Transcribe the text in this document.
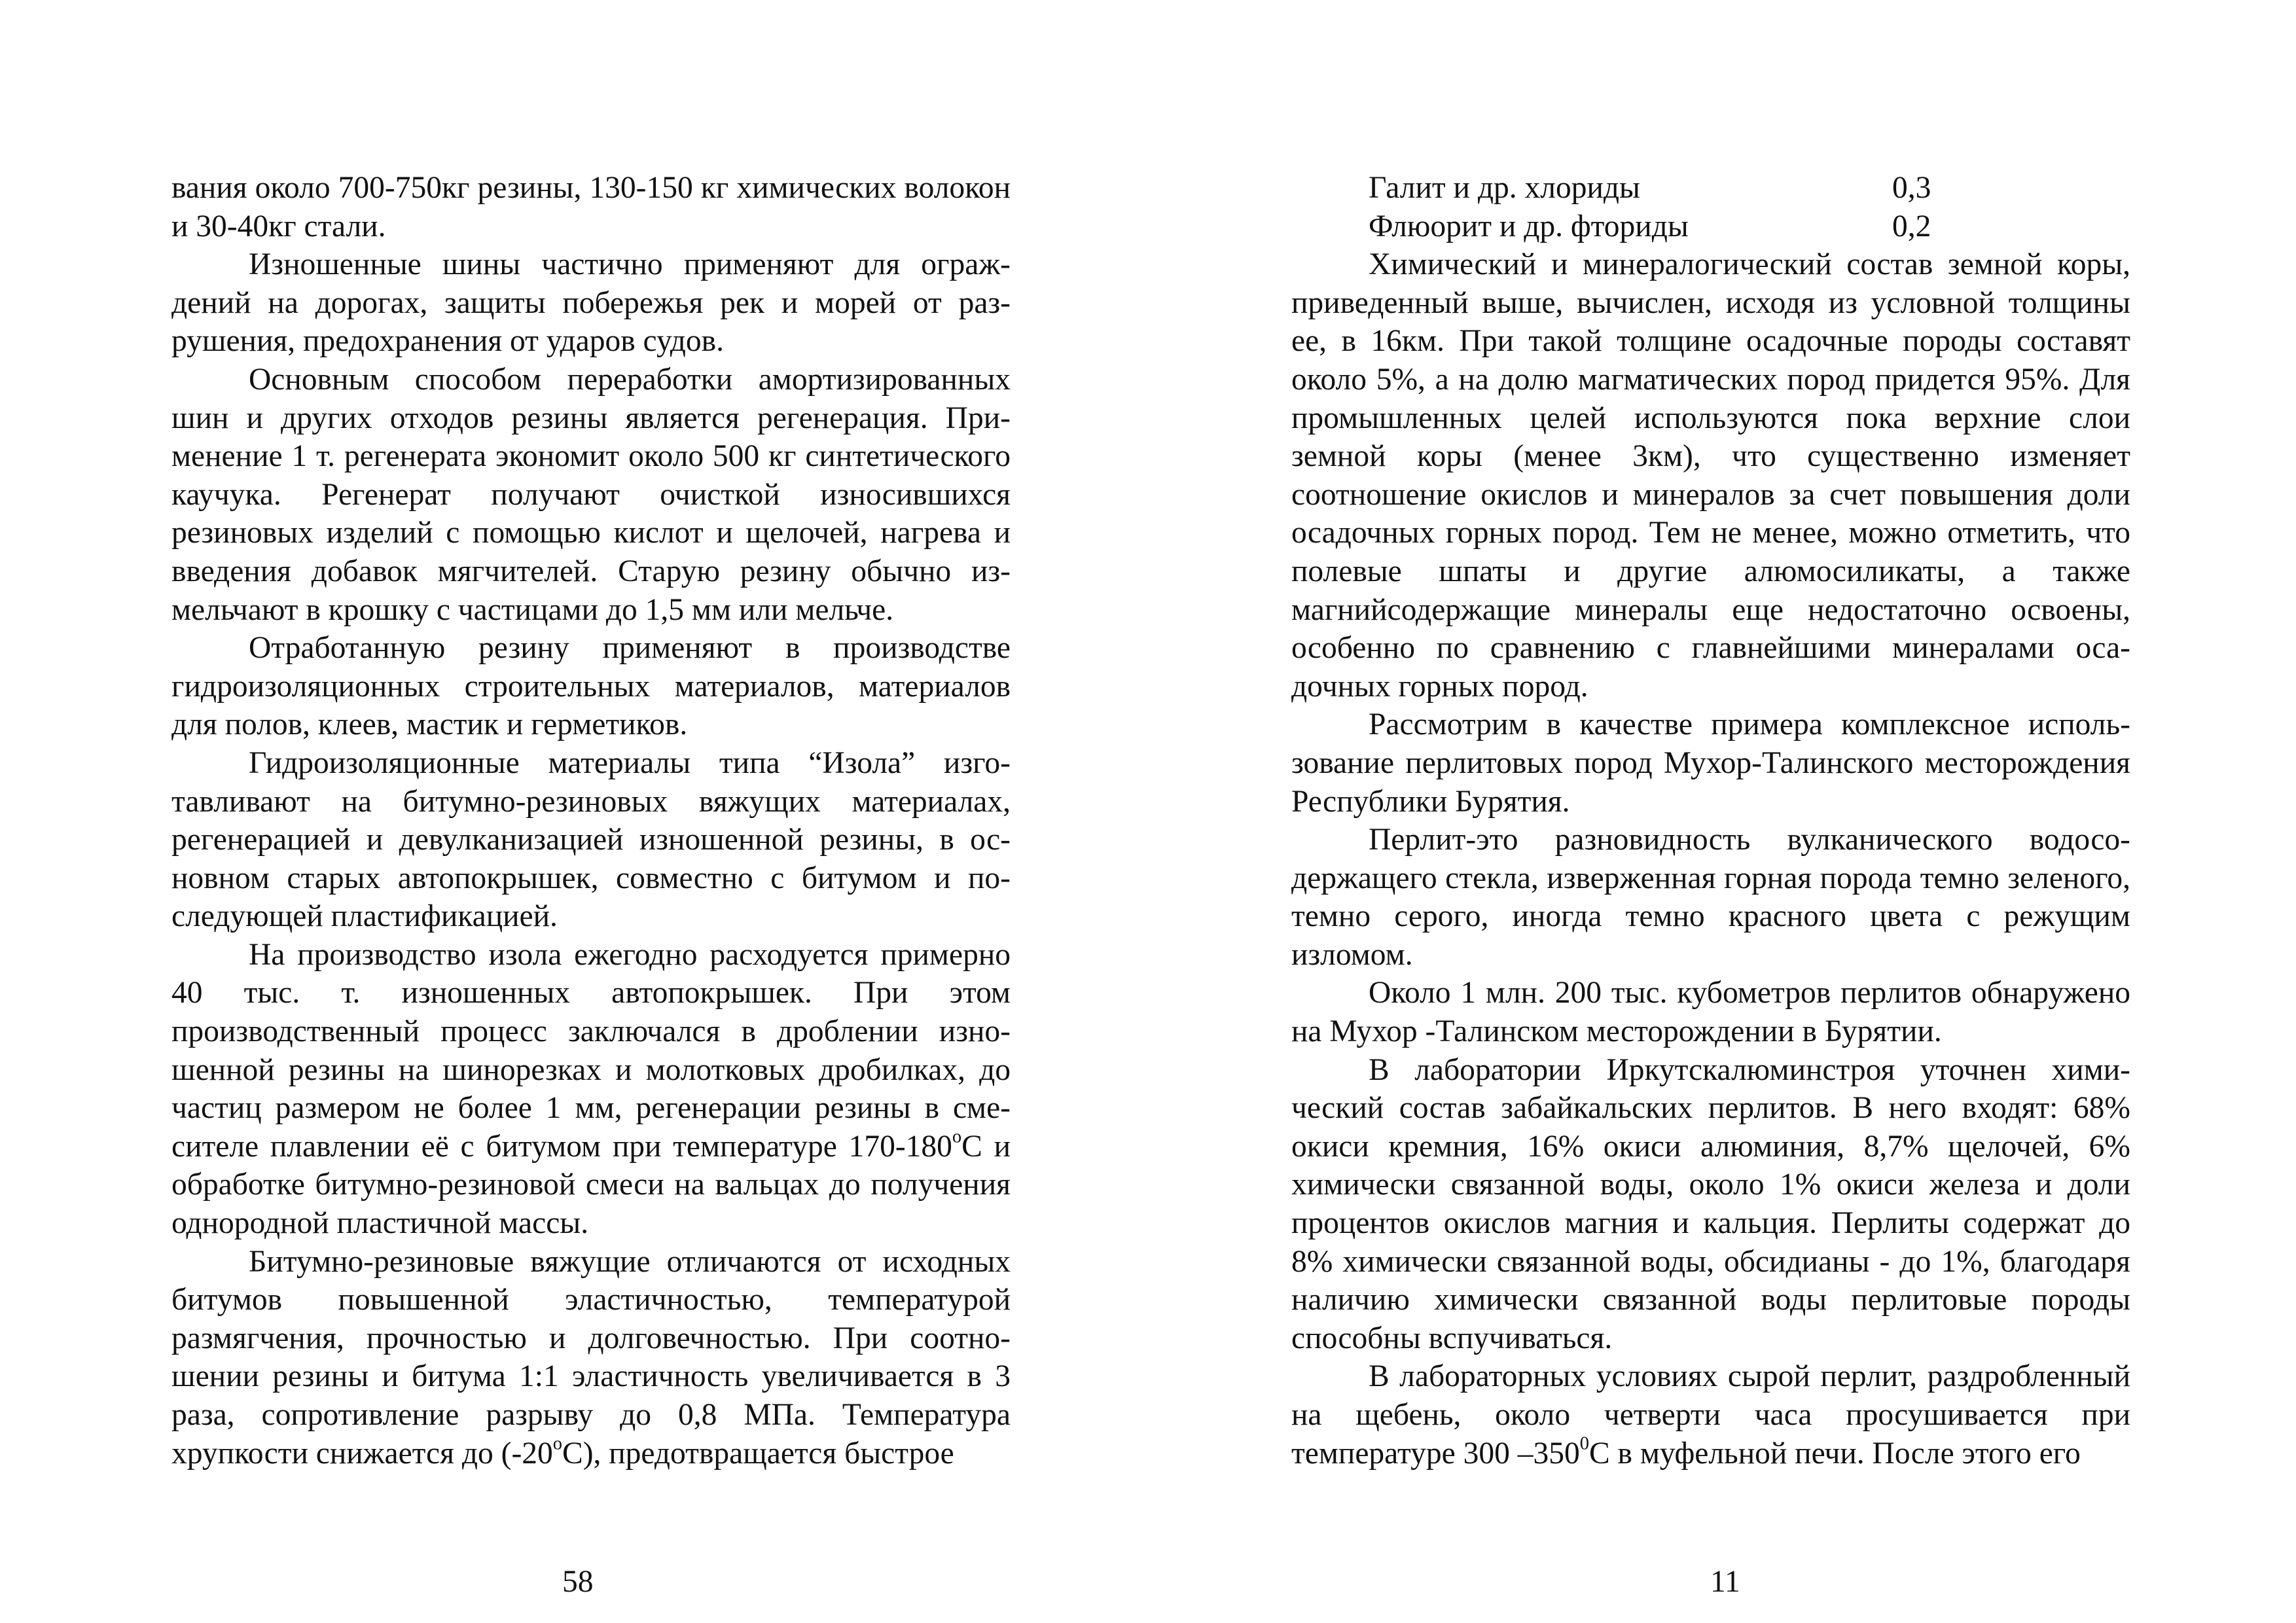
вания около 700-750кг резины, 130-150 кг химических волокон и 30-40кг стали.

Изношенные шины частично применяют для ограждений на дорогах, защиты побережья рек и морей от разрушения, предохранения от ударов судов.

Основным способом переработки амортизированных шин и других отходов резины является регенерация. Применение 1 т. регенерата экономит около 500 кг синтетического каучука. Регенерат получают очисткой износившихся резиновых изделий с помощью кислот и щелочей, нагрева и введения добавок мягчителей. Старую резину обычно измельчают в крошку с частицами до 1,5 мм или мельче.

Отработанную резину применяют в производстве гидроизоляционных строительных материалов, материалов для полов, клеев, мастик и герметиков.

Гидроизоляционные материалы типа “Изола” изготавливают на битумно-резиновых вяжущих материалах, регенерацией и девулканизацией изношенной резины, в основном старых автопокрышек, совместно с битумом и последующей пластификацией.

На производство изола ежегодно расходуется примерно 40 тыс. т. изношенных автопокрышек. При этом производственный процесс заключался в дроблении изношенной резины на шинорезках и молотковых дробилках, до частиц размером не более 1 мм, регенерации резины в смесителе плавлении её с битумом при температуре 170-180$^o$C и обработке битумно-резиновой смеси на вальцах до получения однородной пластичной массы.

Битумно-резиновые вяжущие отличаются от исходных битумов повышенной эластичностью, температурой размягчения, прочностью и долговечностью. При соотношении резины и битума 1:1 эластичность увеличивается в 3 раза, сопротивление разрыву до 0,8 МПа. Температура хрупкости снижается до (-20$^o$С), предотвращается быстрое

58
Галит и др. хлориды	0,3
Флюорит и др. фториды	0,2

Химический и минералогический состав земной коры, приведенный выше, вычислен, исходя из условной толщины ее, в 16км. При такой толщине осадочные породы составят около 5%, а на долю магматических пород придется 95%. Для промышленных целей используются пока верхние слои земной коры (менее 3км), что существенно изменяет соотношение окислов и минералов за счет повышения доли осадочных горных пород. Тем не менее, можно отметить, что полевые шпаты и другие алюмосиликаты, а также магнийсодержащие минералы еще недостаточно освоены, особенно по сравнению с главнейшими минералами осадочных горных пород.

Рассмотрим в качестве примера комплексное использование перлитовых пород Мухор-Талинского месторождения Республики Бурятия.

Перлит-это разновидность вулканического водосодержащего стекла, изверженная горная порода темно зеленого, темно серого, иногда темно красного цвета с режущим изломом.

Около 1 млн. 200 тыс. кубометров перлитов обнаружено на Мухор -Талинском месторождении в Бурятии.

В лаборатории Иркутскалюминстроя уточнен химический состав забайкальских перлитов. В него входят: 68% окиси кремния, 16% окиси алюминия, 8,7% щелочей, 6% химически связанной воды, около 1% окиси железа и доли процентов окислов магния и кальция. Перлиты содержат до 8% химически связанной воды, обсидианы - до 1%, благодаря наличию химически связанной воды перлитовые породы способны вспучиваться.

В лабораторных условиях сырой перлит, раздробленный на щебень, около четверти часа просушивается при температуре 300 $-350^0С$ в муфельной печи. После этого его

11
